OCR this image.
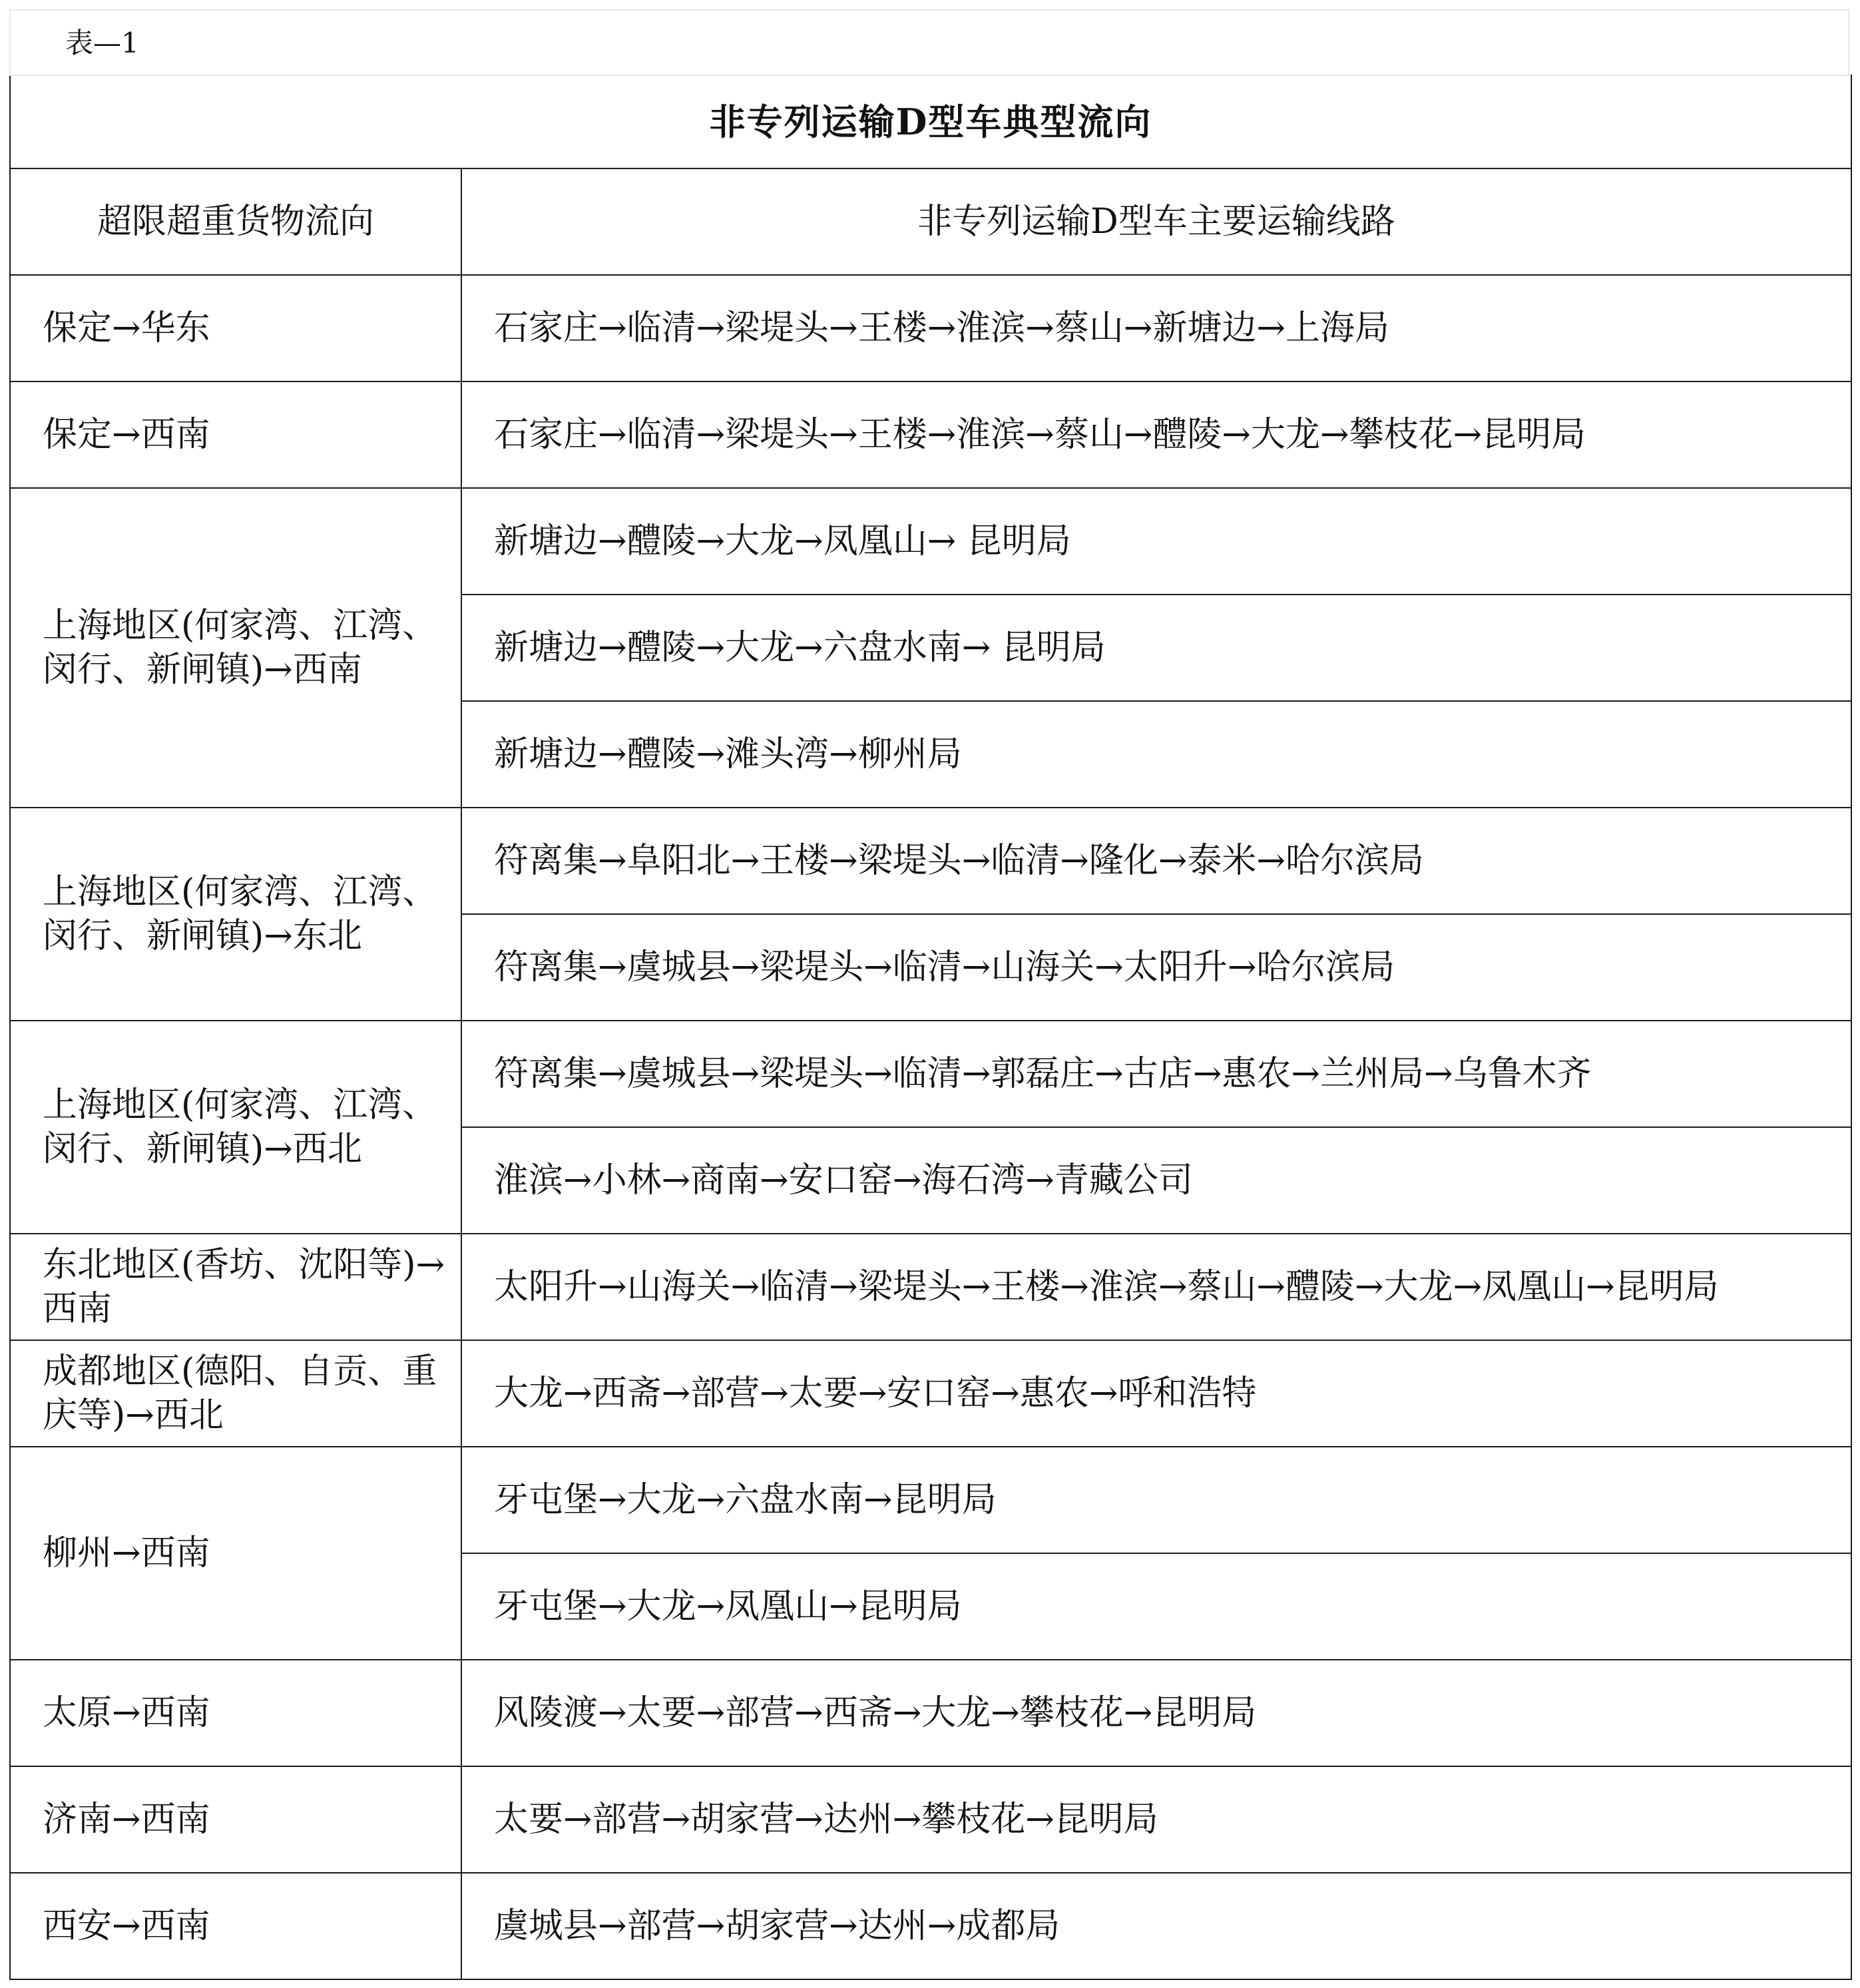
表—1
非专列运输D型车典型流向	
超限超重货物流向	非专列运输D型车主要运输线路

保定→华东	石家庄→临清→梁堤头→王楼→淮滨→蔡山→新塘边→上海局

保定→西南	石家庄→临清→梁堤头→王楼→淮滨→蔡山→醴陵→大龙→攀枝花→昆明局

上海地区(何家湾、江湾、闵行、新闸镇)→西南	新塘边→醴陵→大龙→凤凰山→ 昆明局
	新塘边→醴陵→大龙→六盘水南→ 昆明局
	新塘边→醴陵→滩头湾→柳州局

上海地区(何家湾、江湾、闵行、新闸镇)→东北	符离集→阜阳北→王楼→梁堤头→临清→隆化→泰米→哈尔滨局
	符离集→虞城县→梁堤头→临清→山海关→太阳升→哈尔滨局

上海地区(何家湾、江湾、闵行、新闸镇)→西北	符离集→虞城县→梁堤头→临清→郭磊庄→古店→惠农→兰州局→乌鲁木齐
	淮滨→小林→商南→安口窑→海石湾→青藏公司

东北地区(香坊、沈阳等)→西南	太阳升→山海关→临清→梁堤头→王楼→淮滨→蔡山→醴陵→大龙→凤凰山→昆明局

成都地区(德阳、自贡、重庆等)→西北	大龙→西斋→部营→太要→安口窑→惠农→呼和浩特

柳州→西南	牙屯堡→大龙→六盘水南→昆明局
	牙屯堡→大龙→凤凰山→昆明局

太原→西南	风陵渡→太要→部营→西斋→大龙→攀枝花→昆明局

济南→西南	太要→部营→胡家营→达州→攀枝花→昆明局

西安→西南	虞城县→部营→胡家营→达州→成都局
